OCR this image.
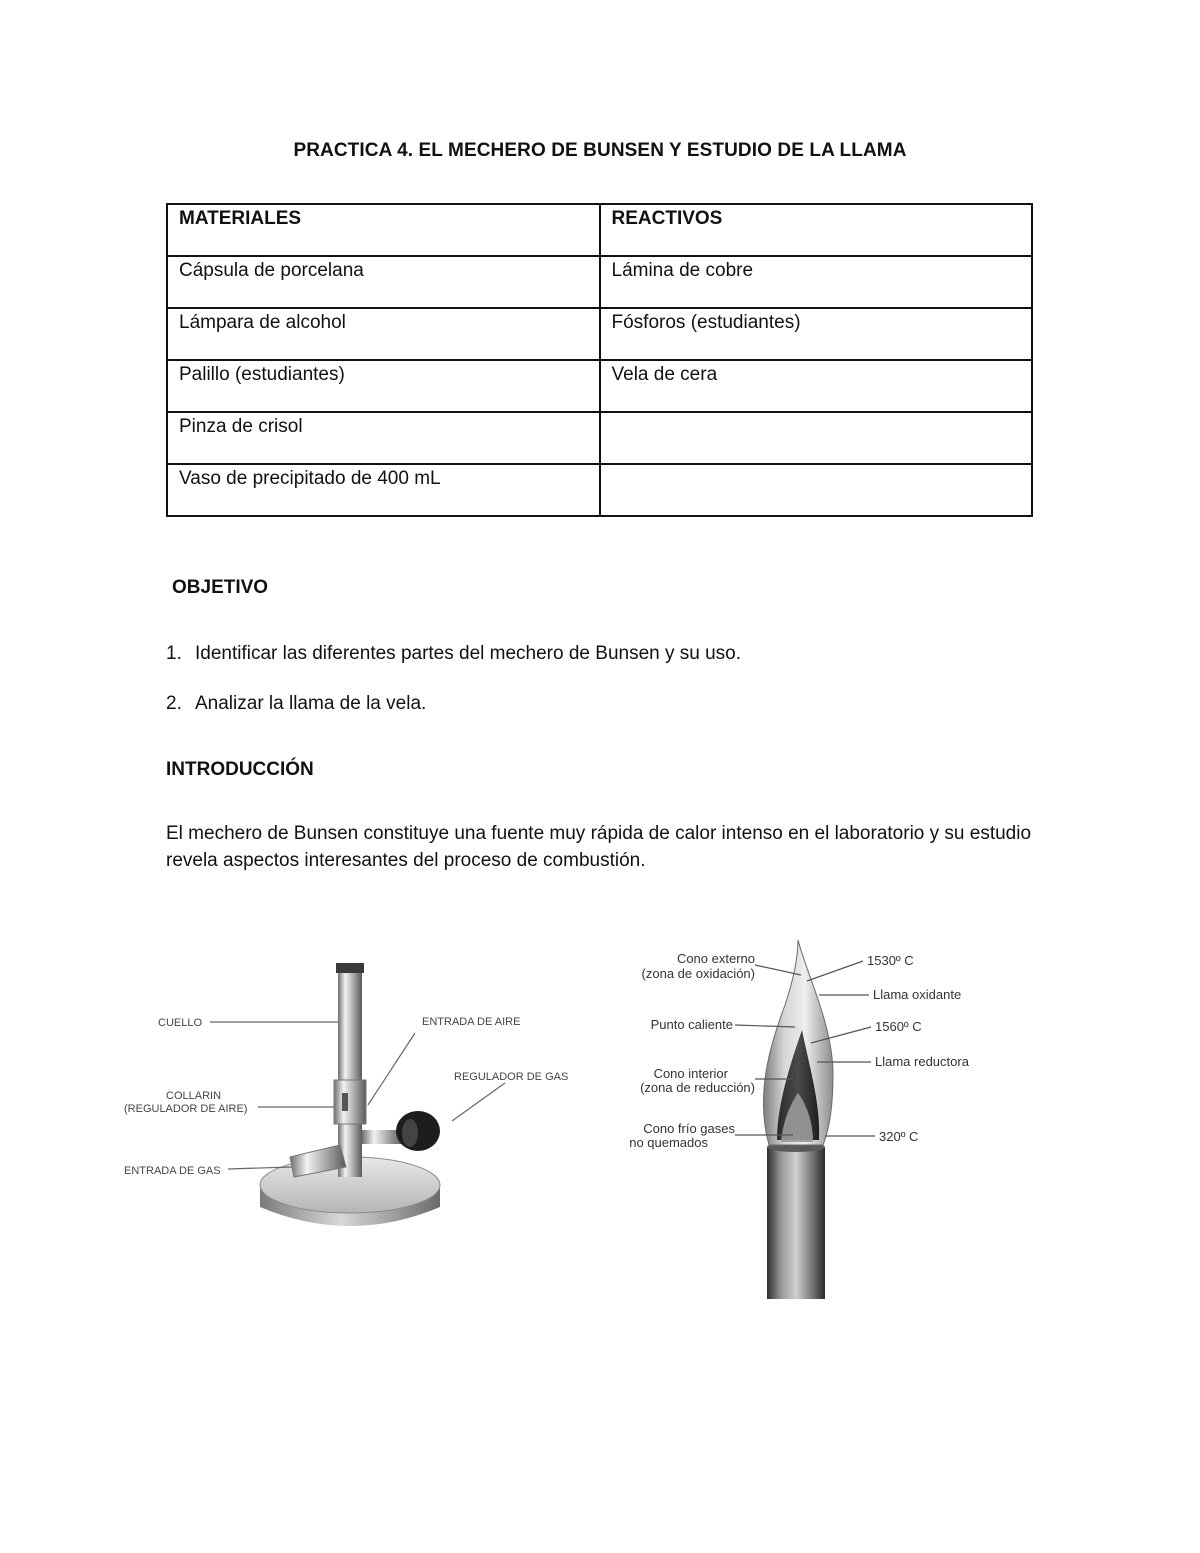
PRACTICA 4. EL MECHERO DE BUNSEN Y ESTUDIO DE LA LLAMA
MATERIALES	REACTIVOS
Cápsula de porcelana	Lámina de cobre
Lámpara de alcohol	Fósforos (estudiantes)
Palillo (estudiantes)	Vela de cera
Pinza de crisol	
Vaso de precipitado de 400 mL	
OBJETIVO
1. Identificar las diferentes partes del mechero de Bunsen y su uso.
2. Analizar la llama de la vela.
INTRODUCCIÓN
El mechero de Bunsen constituye una fuente muy rápida de calor intenso en el laboratorio y su estudio revela aspectos interesantes del proceso de combustión.
CUELLO
COLLARIN
(REGULADOR DE AIRE)
ENTRADA DE GAS
ENTRADA DE AIRE
REGULADOR DE GAS
Cono externo
(zona de oxidación)
Punto caliente
Cono interior
(zona de reducción)
Cono frío gases
no quemados
1530º C
Llama oxidante
1560º C
Llama reductora
320º C
